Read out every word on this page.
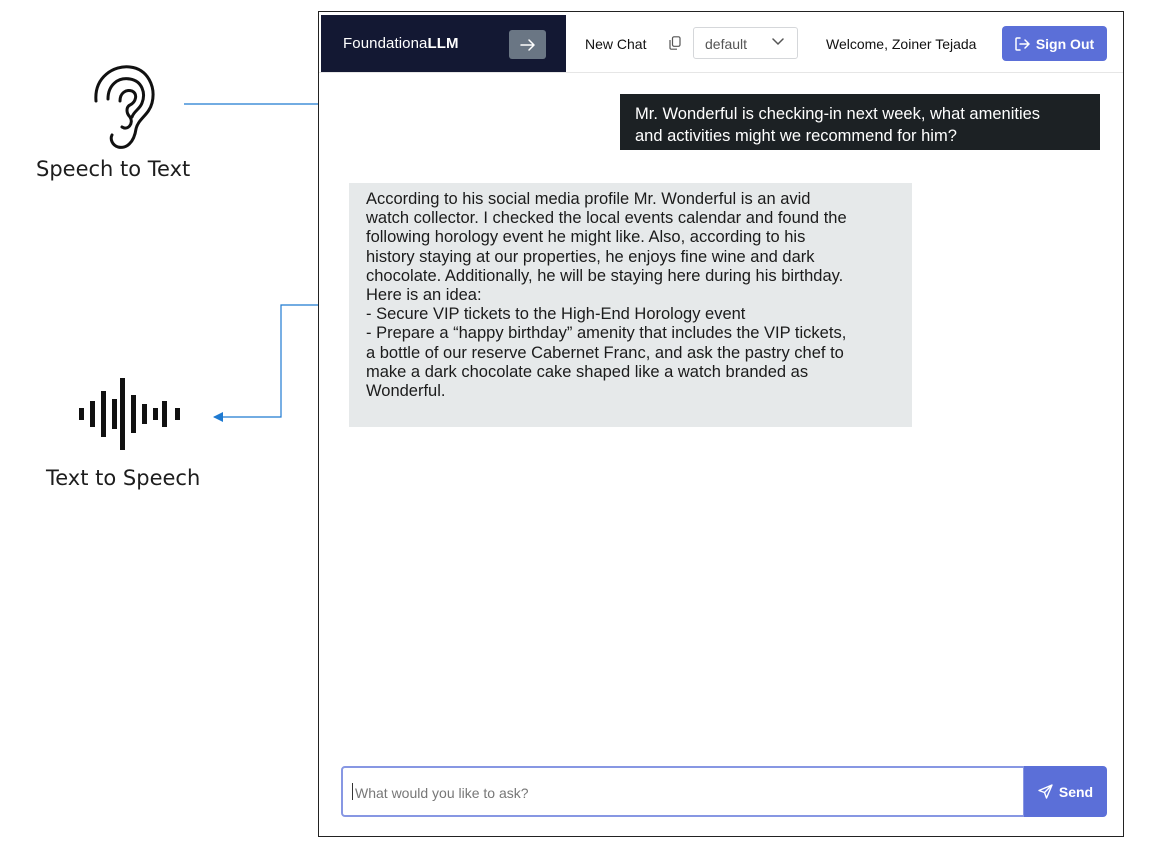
Speech to Text
Text to Speech
FoundationaLLM	New Chat	default	Welcome, Zoiner Tejada	Sign Out
Mr. Wonderful is checking-in next week, what amenities
and activities might we recommend for him?
According to his social media profile Mr. Wonderful is an avid
watch collector. I checked the local events calendar and found the
following horology event he might like. Also, according to his
history staying at our properties, he enjoys fine wine and dark
chocolate. Additionally, he will be staying here during his birthday.
Here is an idea:
- Secure VIP tickets to the High-End Horology event
- Prepare a “happy birthday” amenity that includes the VIP tickets,
a bottle of our reserve Cabernet Franc, and ask the pastry chef to
make a dark chocolate cake shaped like a watch branded as
Wonderful.
What would you like to ask?
Send
